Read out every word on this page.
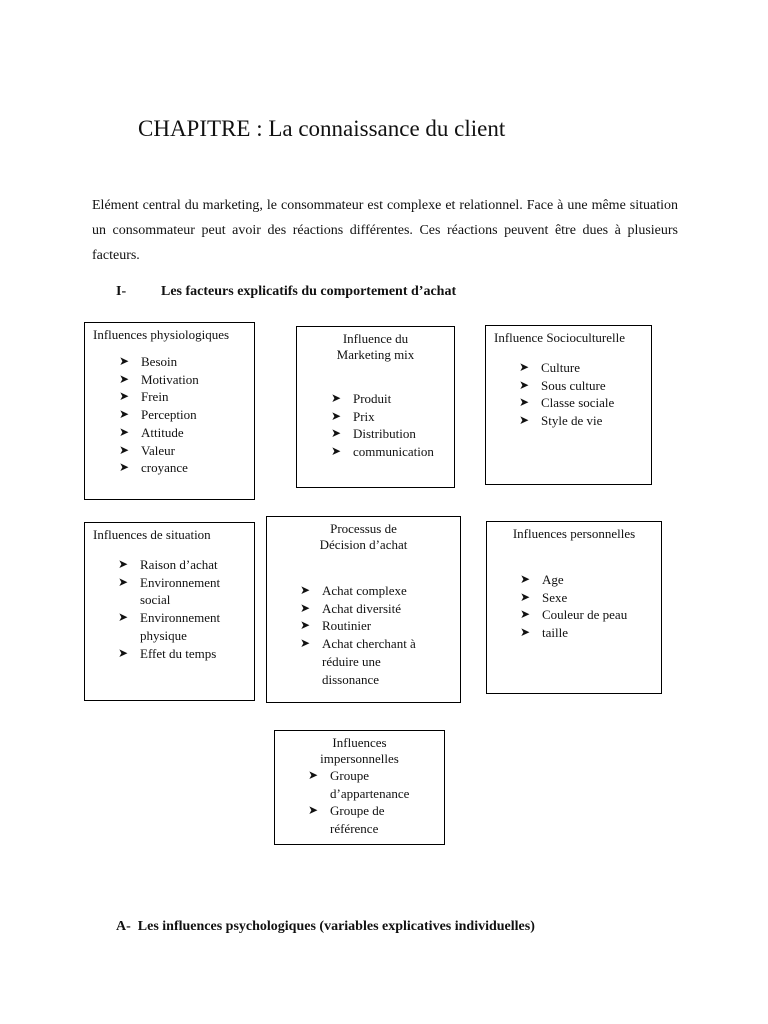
CHAPITRE : La connaissance du client

Elément central du marketing, le consommateur est complexe et relationnel. Face à une même situation un consommateur peut avoir des réactions différentes. Ces réactions peuvent être dues à plusieurs facteurs.

I- Les facteurs explicatifs du comportement d’achat
Influences physiologiques
➤ Besoin
➤ Motivation
➤ Frein
➤ Perception
➤ Attitude
➤ Valeur
➤ croyance
Influence du
Marketing mix
➤ Produit
➤ Prix
➤ Distribution
➤ communication
Influence Socioculturelle
➤ Culture
➤ Sous culture
➤ Classe sociale
➤ Style de vie
Influences de situation
➤ Raison d’achat
➤ Environnement social
➤ Environnement physique
➤ Effet du temps
Processus de
Décision d’achat
➤ Achat complexe
➤ Achat diversité
➤ Routinier
➤ Achat cherchant à réduire une dissonance
Influences personnelles
➤ Age
➤ Sexe
➤ Couleur de peau
➤ taille
Influences
impersonnelles
➤ Groupe d’appartenance
➤ Groupe de référence
A- Les influences psychologiques (variables explicatives individuelles)
